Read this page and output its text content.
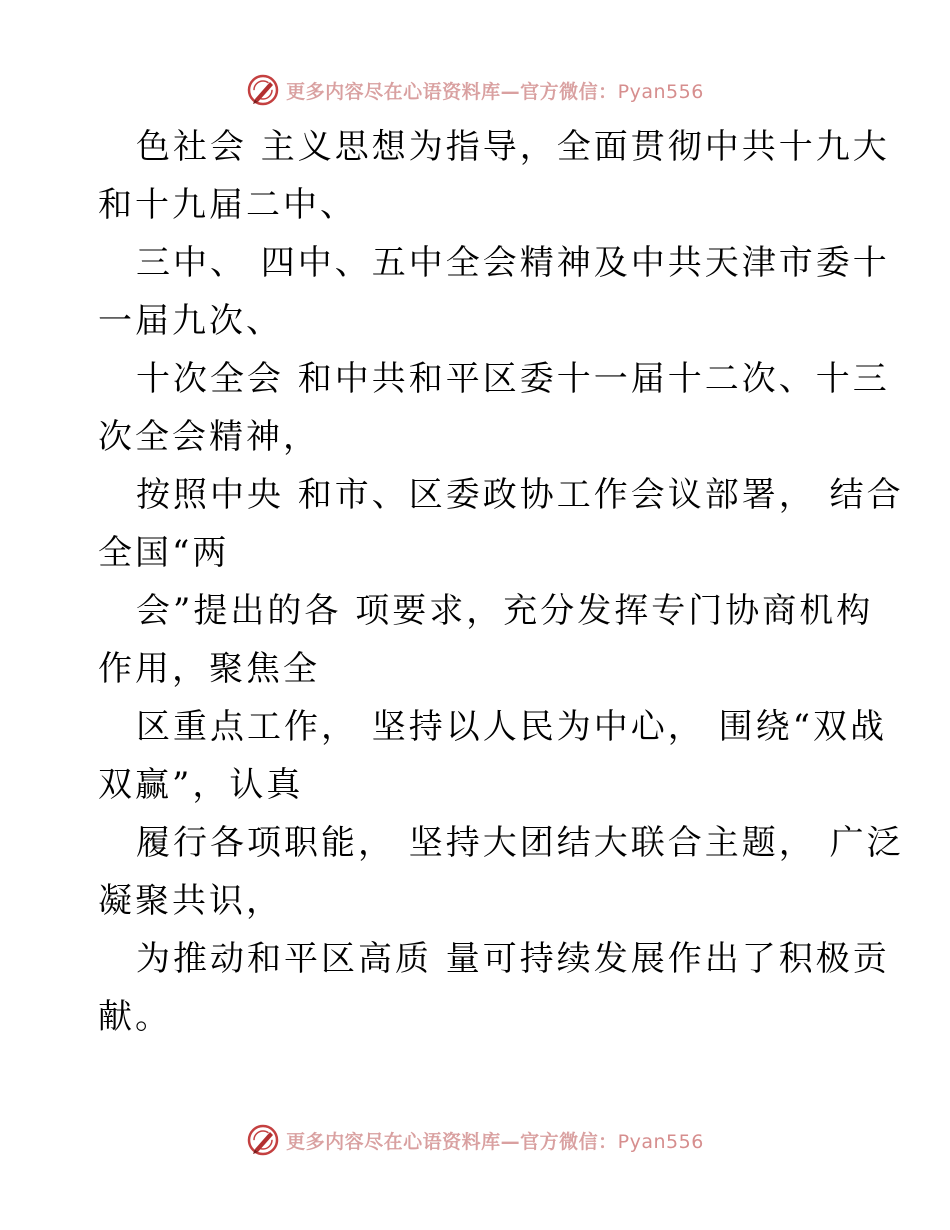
更多内容尽在心语资料库—官方微信：Pyan556

色社会 主义思想为指导，全面贯彻中共十九大
和十九届二中、

三中、 四中、五中全会精神及中共天津市委十
一届九次、

十次全会 和中共和平区委十一届十二次、十三
次全会精神，

按照中央 和市、区委政协工作会议部署， 结合
全国“两

会”提出的各 项要求，充分发挥专门协商机构
作用，聚焦全

区重点工作， 坚持以人民为中心， 围绕“双战
双赢”，认真

履行各项职能， 坚持大团结大联合主题， 广泛
凝聚共识，

为推动和平区高质 量可持续发展作出了积极贡
献。

更多内容尽在心语资料库—官方微信：Pyan556
